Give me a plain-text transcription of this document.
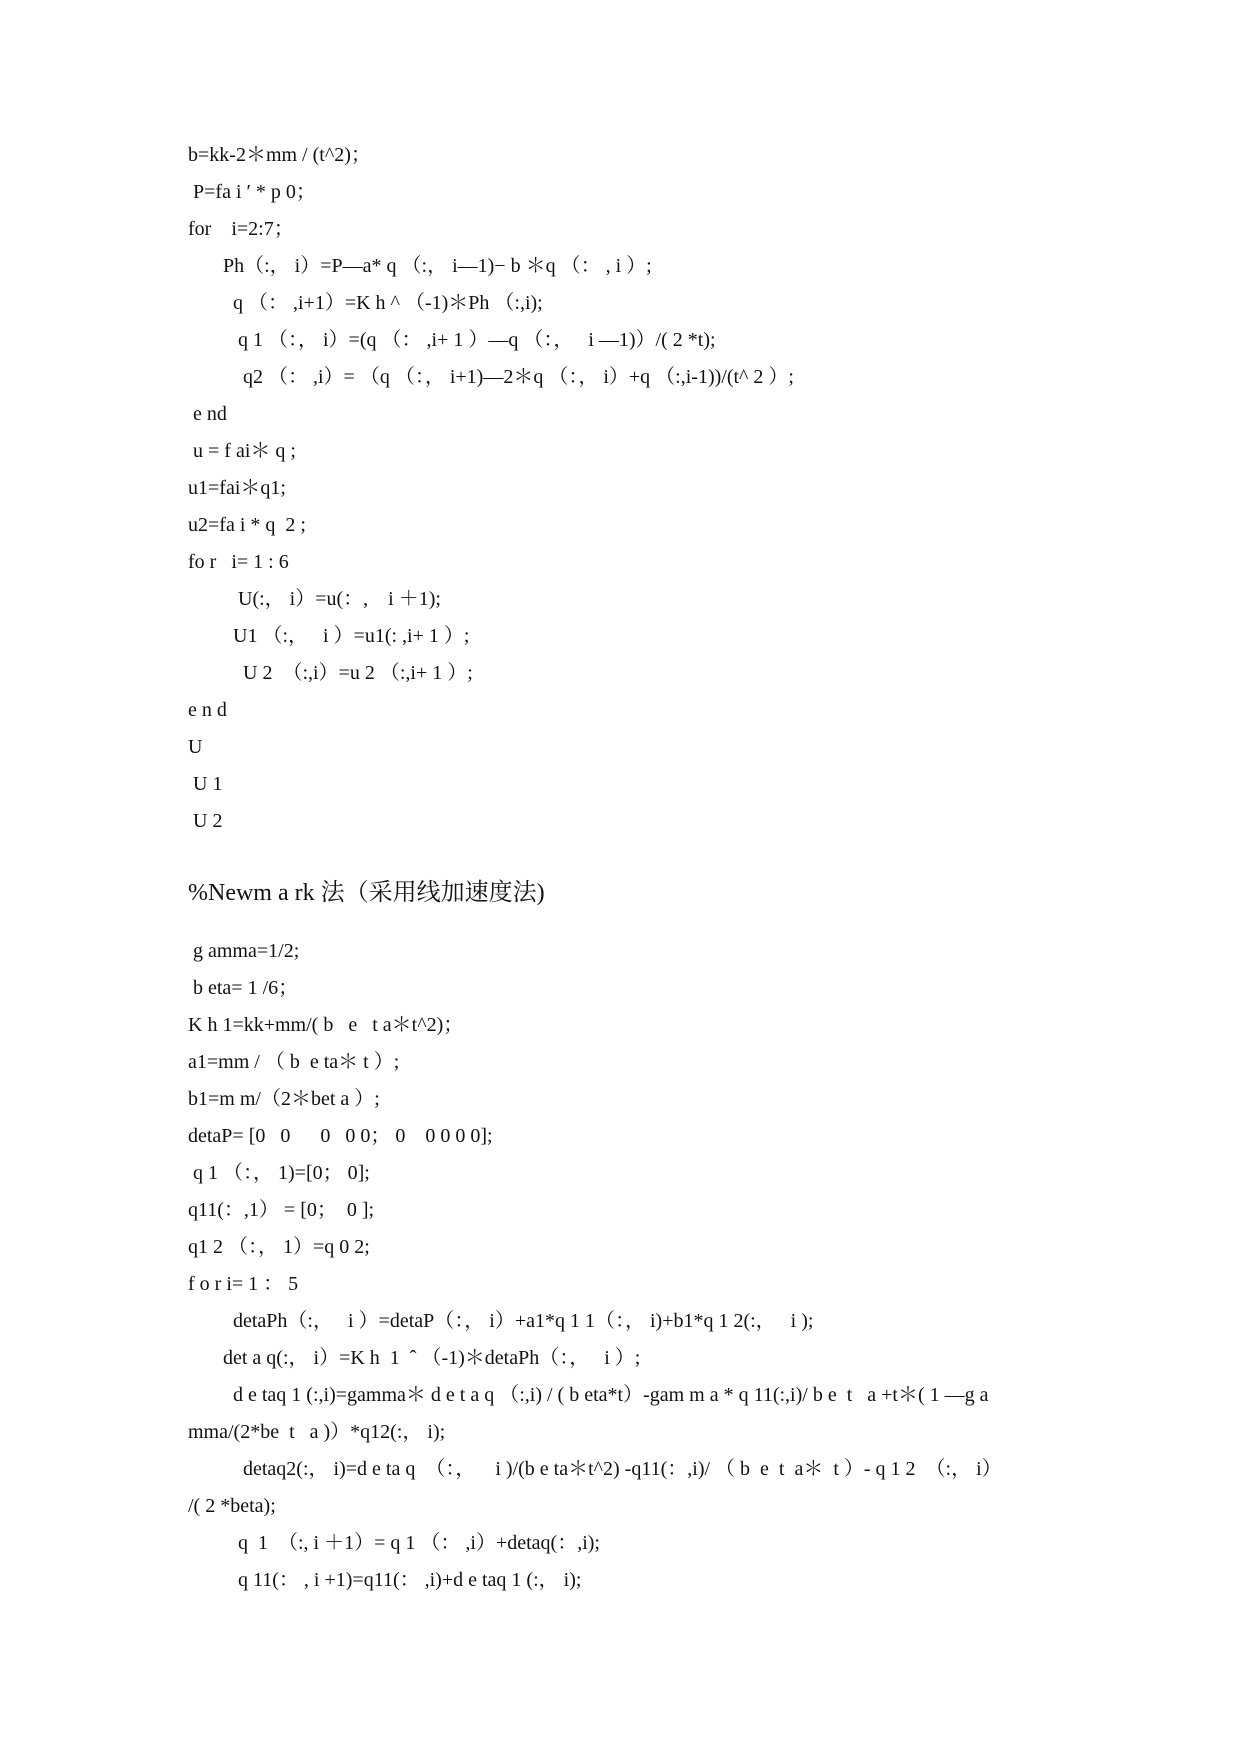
b=kk-2＊mm / (t^2)；
P=fa i ′ * p 0；
for    i=2:7；
Ph（:， i）=P—a* q （:， i—1)− b ＊q （： , i ）;
q （： ,i+1）=K h ^ （-1)＊Ph （:,i);
q 1 （：， i）=(q （： ,i+ 1 ）—q （：，   i —1)）/( 2 *t);
q2 （： ,i）= （q （：， i+1)—2＊q （：， i）+q （:,i-1))/(t^ 2 ）;
e nd
u = f ai＊ q ;
u1=fai＊q1;
u2=fa i * q  2 ;
fo r   i= 1 : 6
U(:， i）=u(：,    i ＋1);
U1 （:，   i ）=u1(: ,i+ 1 ）;
U 2  （:,i）=u 2 （:,i+ 1 ）;
e n d
U
U 1
U 2
%Newm a rk 法（采用线加速度法)
g amma=1/2;
b eta= 1 /6；
K h 1=kk+mm/( b   e   t a＊t^2)；
a1=mm / （ b  e ta＊ t ）;
b1=m m/（2＊bet a ）;
detaP= [0   0      0   0 0； 0    0 0 0 0];
q 1 （：， 1)=[0； 0];
q11(：,1） = [0；  0 ];
q1 2 （：， 1）=q 0 2;
f o r i= 1 ： 5
detaPh（:，   i ）=detaP（：， i）+a1*q 1 1（：， i)+b1*q 1 2(:，   i );
det a q(:， i）=K h  1  ˆ （-1)＊detaPh（：，   i ）;
d e taq 1 (:,i)=gamma＊ d e t a q （:,i) / ( b eta*t）-gam m a * q 11(:,i)/ b e  t   a +t＊( 1 —g a
mma/(2*be  t   a )）*q12(:， i);
detaq2(:， i)=d e ta q  （：，    i )/(b e ta＊t^2) -q11(：,i)/ （ b  e  t  a＊  t ）- q 1 2  （:， i）
/( 2 *beta);
q  1  （:, i ＋1）= q 1 （： ,i）+detaq(：,i);
q 11(： , i +1)=q11(： ,i)+d e taq 1 (:， i);
